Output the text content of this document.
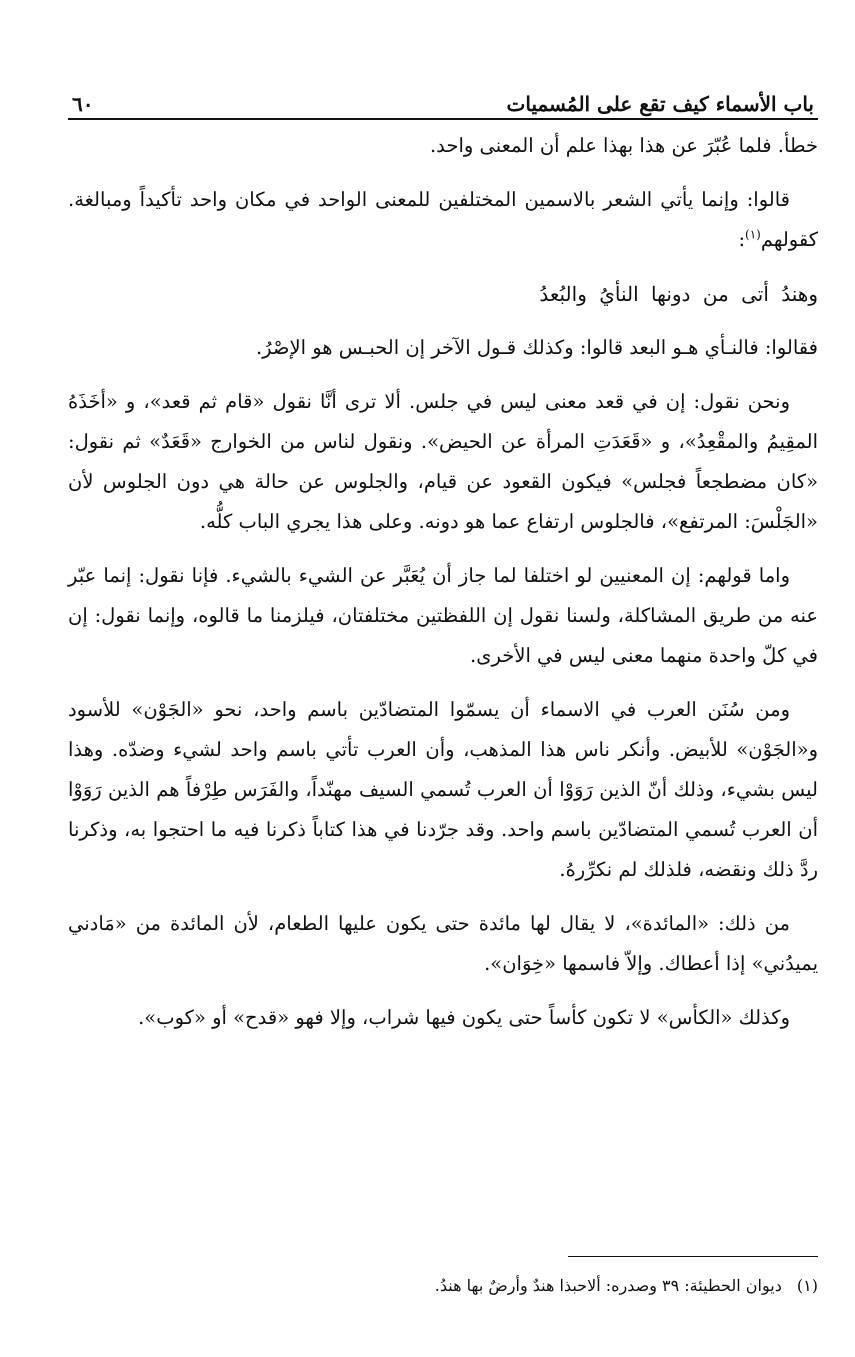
باب الأسماء كيف تقع على المُسميات
٦٠

خطأ. فلما عُبّرَ عن هذا بهذا علم أن المعنى واحد.

قالوا: وإنما يأتي الشعر بالاسمين المختلفين للمعنى الواحد في مكان واحد تأكيداً ومبالغة. كقولهم$^{(١)}$:

وهندُ أتى من دونها النأيُ والبُعدُ

فقالوا: فالنـأي هـو البعد قالوا: وكذلك قـول الآخر إن الحبـس هو الإصْرُ.

ونحن نقول: إن في قعد معنى ليس في جلس. ألا ترى أنَّا نقول «قام ثم قعد»، و «أخَذَهُ المقِيمُ والمقْعِدُ»، و «قَعَدَتِ المرأة عن الحيض». ونقول لناس من الخوارج «قَعَدٌ» ثم نقول: «كان مضطجعاً فجلس» فيكون القعود عن قيام، والجلوس عن حالة هي دون الجلوس لأن «الجَلْسَ: المرتفع»، فالجلوس ارتفاع عما هو دونه. وعلى هذا يجري الباب كلُّه.

واما قولهم: إن المعنيين لو اختلفا لما جاز أن يُعَبَّر عن الشيء بالشيء. فإنا نقول: إنما عبّر عنه من طريق المشاكلة، ولسنا نقول إن اللفظتين مختلفتان، فيلزمنا ما قالوه، وإنما نقول: إن في كلّ واحدة منهما معنى ليس في الأخرى.

ومن سُنَن العرب في الاسماء أن يسمّوا المتضادّين باسم واحد، نحو «الجَوْن» للأسود و«الجَوْن» للأبيض. وأنكر ناس هذا المذهب، وأن العرب تأتي باسم واحد لشيء وضدّه. وهذا ليس بشيء، وذلك أنّ الذين رَوَوْا أن العرب تُسمي السيف مهنّداً، والفَرَس طِرْفاً هم الذين رَوَوْا أن العرب تُسمي المتضادّين باسم واحد. وقد جرّدنا في هذا كتاباً ذكرنا فيه ما احتجوا به، وذكرنا ردَّ ذلك ونقضه، فلذلك لم نكرِّرهُ.

من ذلك: «المائدة»، لا يقال لها مائدة حتى يكون عليها الطعام، لأن المائدة من «مَادني يميدُني» إذا أعطاك. وإلاّ فاسمها «خِوَان».

وكذلك «الكأس» لا تكون كأساً حتى يكون فيها شراب، وإلا فهو «قدح» أو «كوب».

(١) ديوان الحطيئة: ٣٩ وصدره: ألاحبذا هندٌ وأرضٌ بها هندُ.
